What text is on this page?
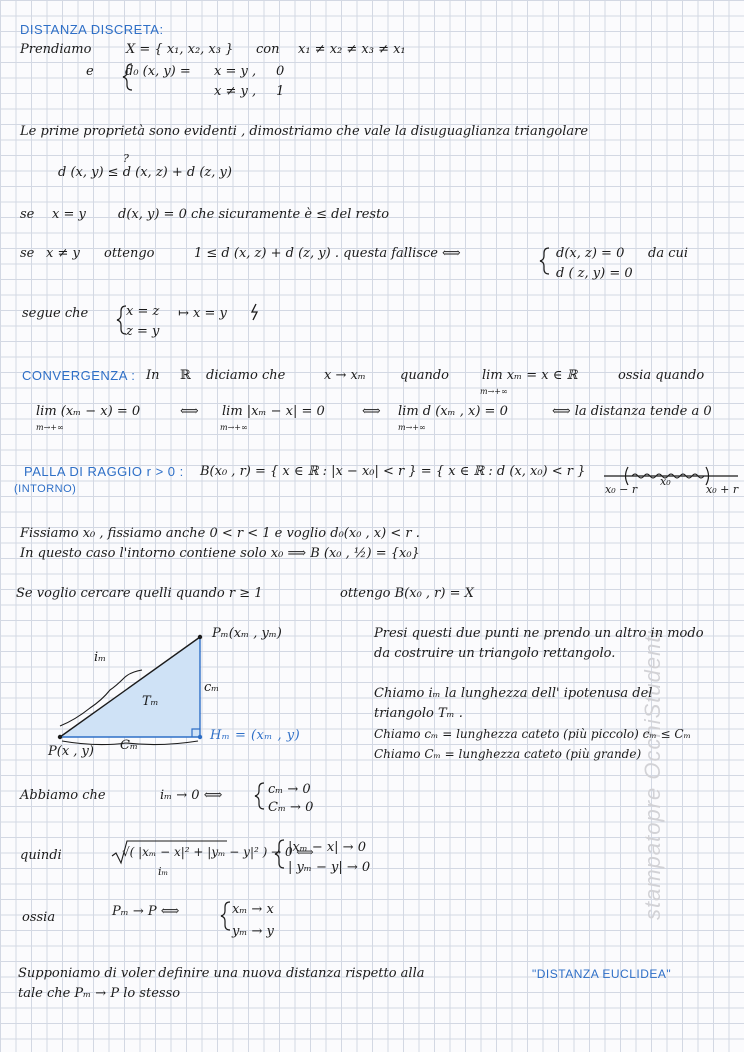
stampatopre OcchiStudenti
DISTANZA DISCRETA:
Prendiamo	X = { x₁, x₂, x₃ } con x₁ ≠ x₂ ≠ x₃ ≠ x₁
e d₀ (x, y) = x = y , 0
x ≠ y , 1
Le prime proprietà sono evidenti , dimostriamo che vale la disuguaglianza triangolare
?
d (x, y) ≤ d (x, z) + d (z, y)
se x = y d(x, y) = 0 che sicuramente è ≤ del resto
se x ≠ y ottengo	1 ≤ d (x, z) + d (z, y) . questa fallisce ⟺	d(x, z) = 0
d ( z, y) = 0
da cui
segue che	x = z
z = y
↦ x = y
CONVERGENZA : In ℝ diciamo che	x → xₘ	quando	lim xₘ = x ∈ ℝ
m→+∞
ossia quando
lim (xₘ − x) = 0
m→+∞
⟺ lim |xₘ − x| = 0
m→+∞
⟺ lim d (xₘ , x) = 0
m→+∞
⟺ la distanza tende a 0
PALLA DI RAGGIO r > 0 :
(INTORNO)
B(x₀ , r) = { x ∈ ℝ : |x − x₀| < r } = { x ∈ ℝ : d (x, x₀) < r }
x₀ − r
x₀
x₀ + r
Fissiamo x₀ , fissiamo anche 0 < r < 1 e voglio d₀(x₀ , x) < r .
In questo caso l'intorno contiene solo x₀ ⟹ B (x₀ , ½) = {x₀}
Se voglio cercare quelli quando r ≥ 1	ottengo B(x₀ , r) = X
Pₘ(xₘ , yₘ)
iₘ
Tₘ
cₘ
Hₘ = (xₘ , y)
P(x , y) Cₘ
Presi questi due punti ne prendo un altro in modo
da costruire un triangolo rettangolo.
Chiamo iₘ la lunghezza dell' ipotenusa del
triangolo Tₘ .
Chiamo cₘ = lunghezza cateto (più piccolo) cₘ ≤ Cₘ
Chiamo Cₘ = lunghezza cateto (più grande)
Abbiamo che	iₘ → 0 ⟺	cₘ → 0
Cₘ → 0
quindi	√( |xₘ − x|² + |yₘ − y|² ) → 0 ⟺
iₘ
|xₘ − x| → 0
| yₘ − y| → 0
ossia	Pₘ → P ⟺	xₘ → x
yₘ → y
Supponiamo di voler definire una nuova distanza rispetto alla	"DISTANZA EUCLIDEA"
tale che Pₘ → P lo stesso
